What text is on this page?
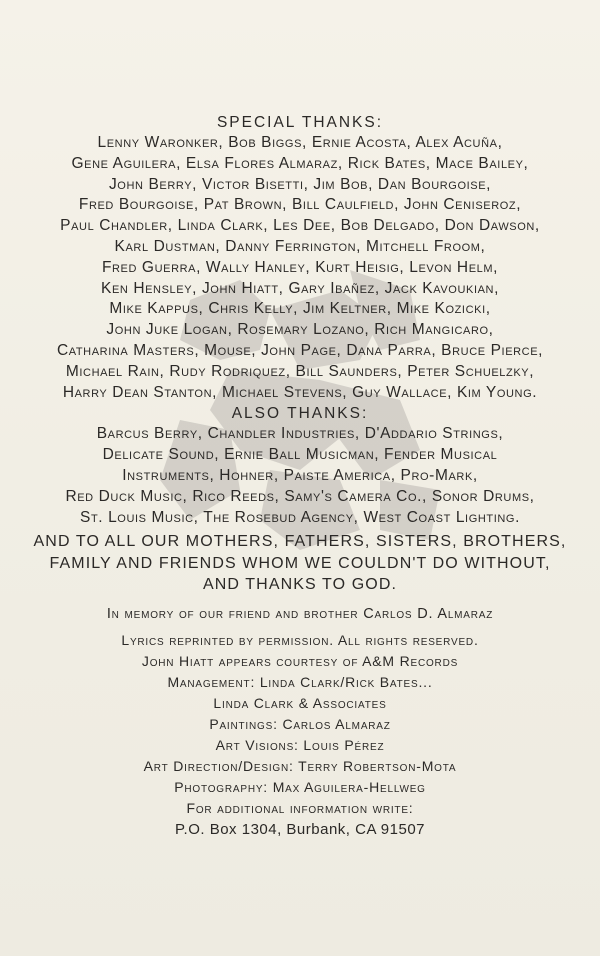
SPECIAL THANKS:
Lenny Waronker, Bob Biggs, Ernie Acosta, Alex Acuña,
Gene Aguilera, Elsa Flores Almaraz, Rick Bates, Mace Bailey,
John Berry, Victor Bisetti, Jim Bob, Dan Bourgoise,
Fred Bourgoise, Pat Brown, Bill Caulfield, John Ceniseroz,
Paul Chandler, Linda Clark, Les Dee, Bob Delgado, Don Dawson,
Karl Dustman, Danny Ferrington, Mitchell Froom,
Fred Guerra, Wally Hanley, Kurt Heisig, Levon Helm,
Ken Hensley, John Hiatt, Gary Ibañez, Jack Kavoukian,
Mike Kappus, Chris Kelly, Jim Keltner, Mike Kozicki,
John Juke Logan, Rosemary Lozano, Rich Mangicaro,
Catharina Masters, Mouse, John Page, Dana Parra, Bruce Pierce,
Michael Rain, Rudy Rodriquez, Bill Saunders, Peter Schuelzky,
Harry Dean Stanton, Michael Stevens, Guy Wallace, Kim Young.
ALSO THANKS:
Barcus Berry, Chandler Industries, D'Addario Strings,
Delicate Sound, Ernie Ball Musicman, Fender Musical
Instruments, Hohner, Paiste America, Pro-Mark,
Red Duck Music, Rico Reeds, Samy's Camera Co., Sonor Drums,
St. Louis Music, The Rosebud Agency, West Coast Lighting.
AND TO ALL OUR MOTHERS, FATHERS, SISTERS, BROTHERS,
FAMILY AND FRIENDS WHOM WE COULDN'T DO WITHOUT,
AND THANKS TO GOD.
In memory of our friend and brother Carlos D. Almaraz
Lyrics reprinted by permission. All rights reserved.
John Hiatt appears courtesy of A&M Records
Management: Linda Clark/Rick Bates...
Linda Clark & Associates
Paintings: Carlos Almaraz
Art Visions: Louis Pérez
Art Direction/Design: Terry Robertson-Mota
Photography: Max Aguilera-Hellweg
For additional information write:
P.O. Box 1304, Burbank, CA 91507
